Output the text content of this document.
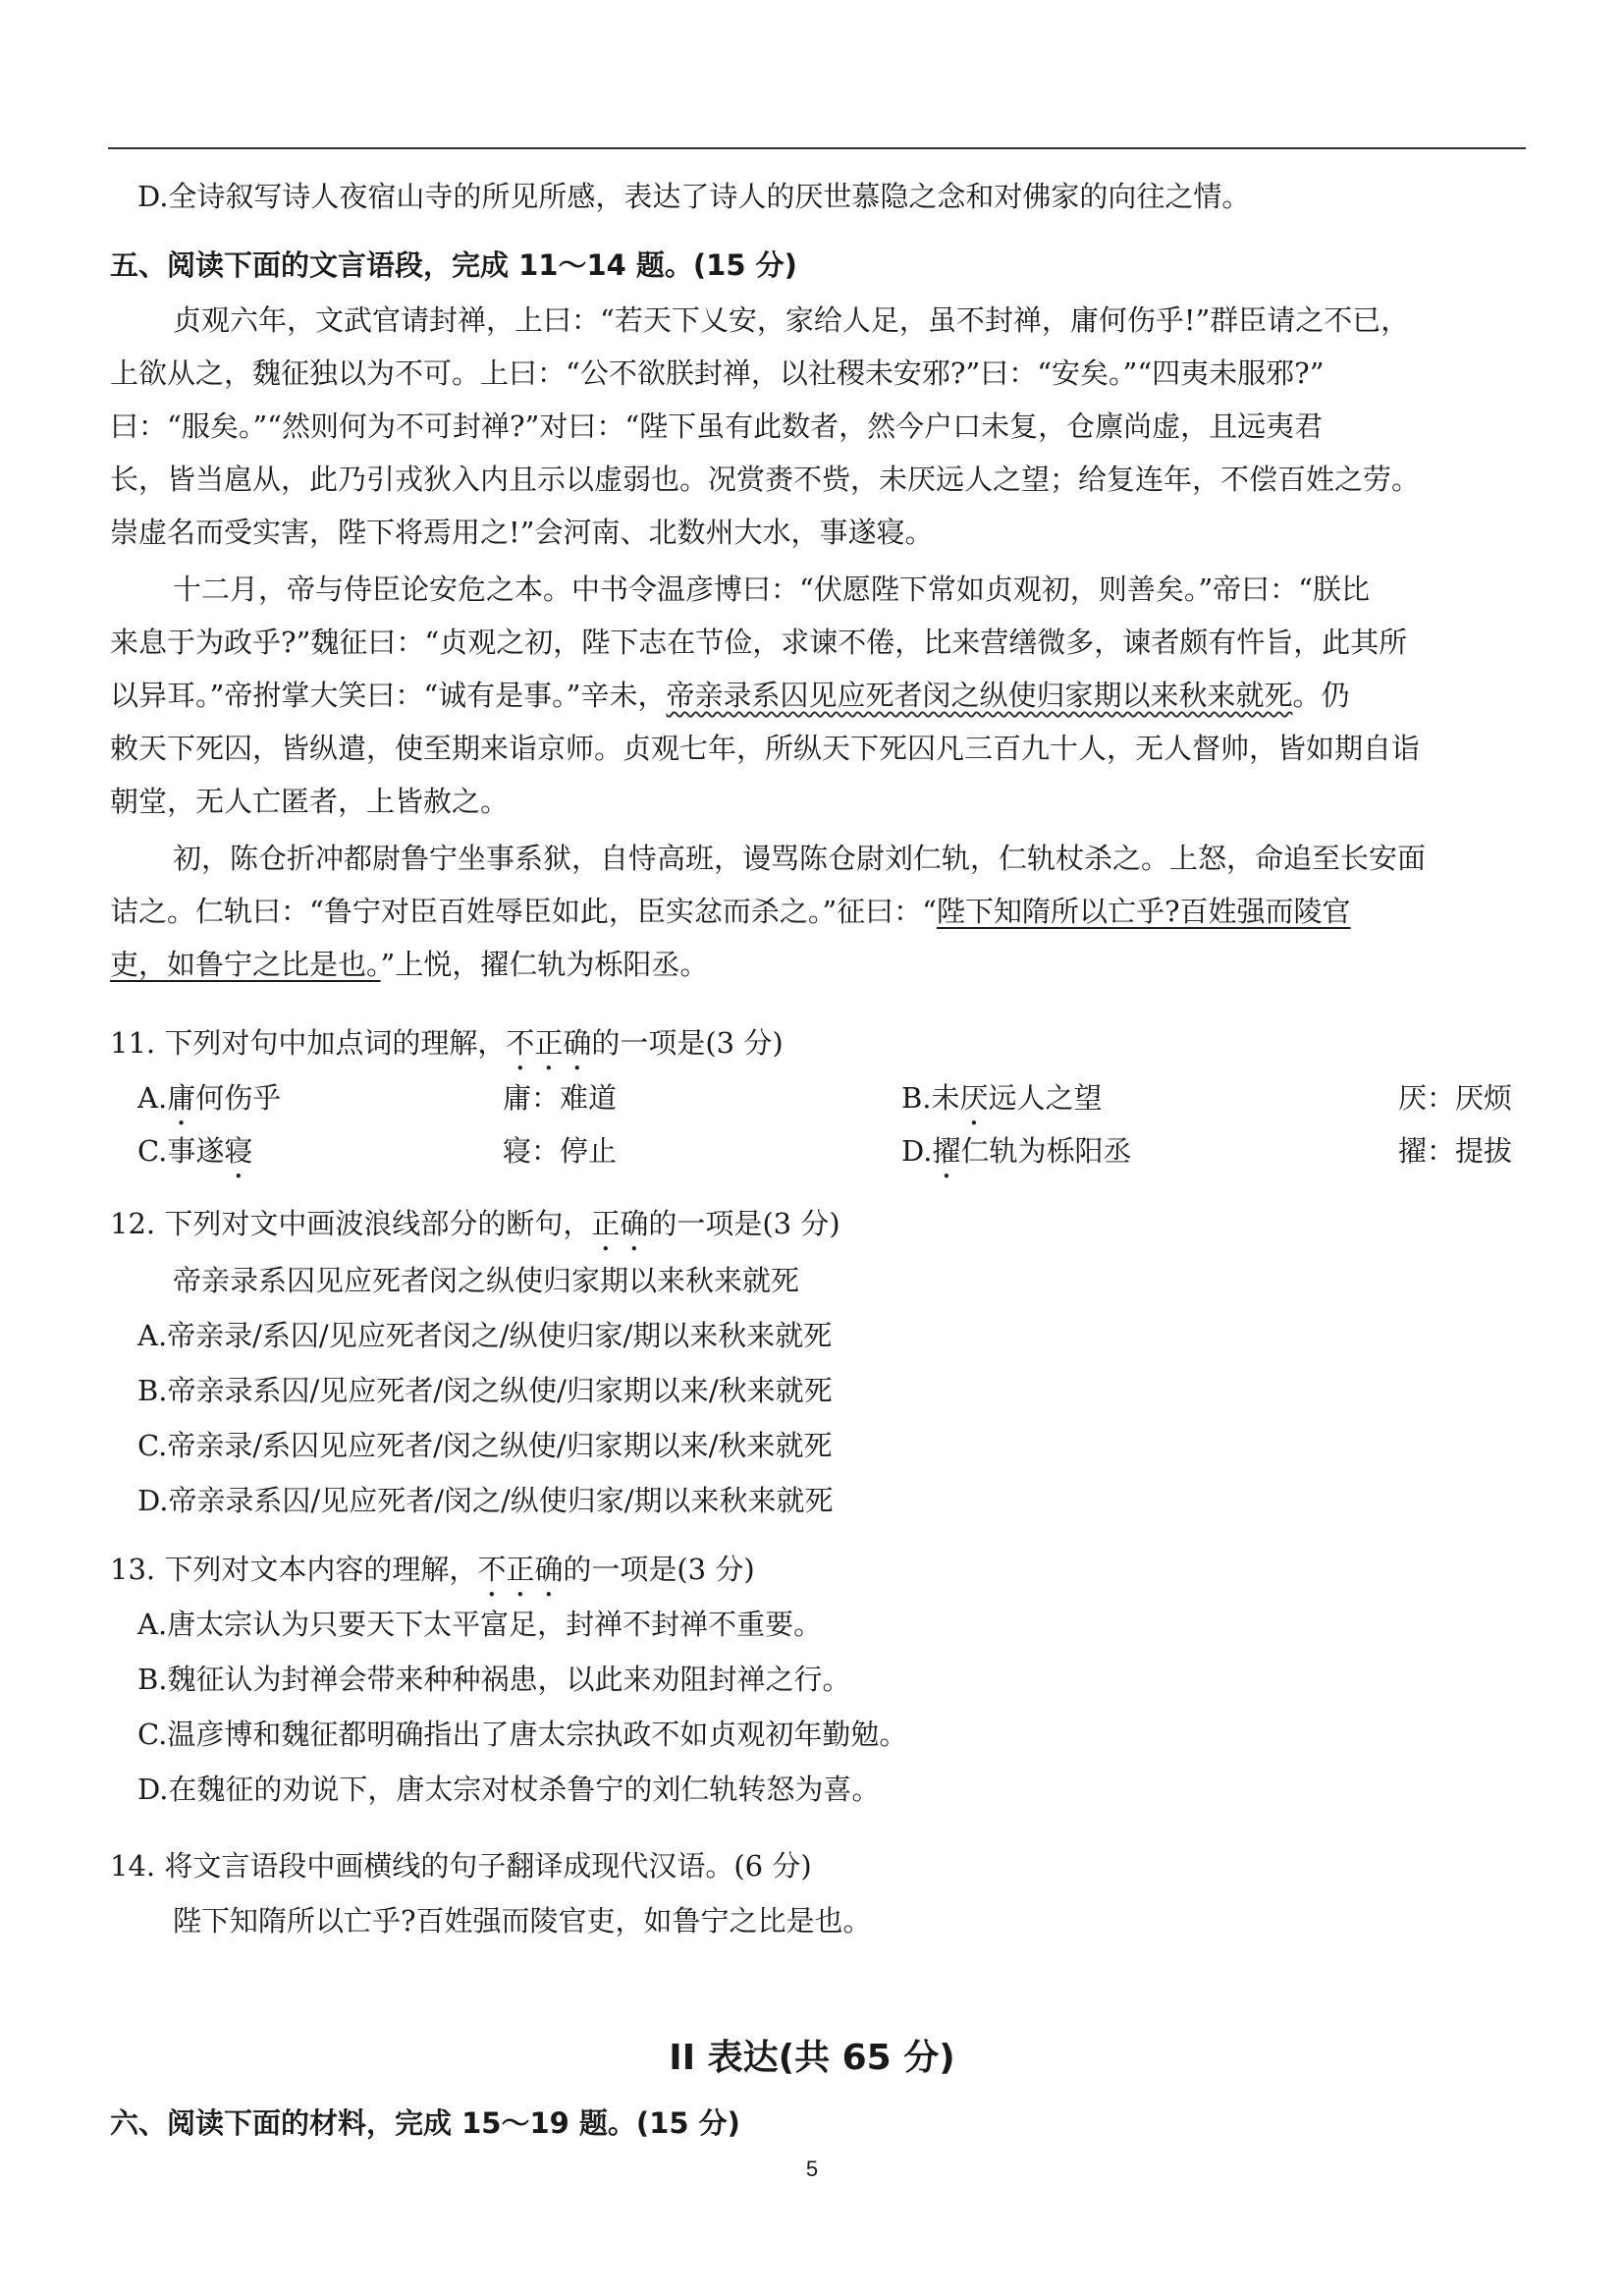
D.全诗叙写诗人夜宿山寺的所见所感，表达了诗人的厌世慕隐之念和对佛家的向往之情。
五、阅读下面的文言语段，完成 11～14 题。(15 分)
贞观六年，文武官请封禅，上曰：“若天下乂安，家给人足，虽不封禅，庸何伤乎!”群臣请之不已，
上欲从之，魏征独以为不可。上曰：“公不欲朕封禅，以社稷未安邪?”曰：“安矣。”“四夷未服邪?”
曰：“服矣。”“然则何为不可封禅?”对曰：“陛下虽有此数者，然今户口未复，仓廪尚虚，且远夷君
长，皆当扈从，此乃引戎狄入内且示以虚弱也。况赏赉不赀，未厌远人之望；给复连年，不偿百姓之劳。
崇虚名而受实害，陛下将焉用之!”会河南、北数州大水，事遂寝。
十二月，帝与侍臣论安危之本。中书令温彦博曰：“伏愿陛下常如贞观初，则善矣。”帝曰：“朕比
来息于为政乎?”魏征曰：“贞观之初，陛下志在节俭，求谏不倦，比来营缮微多，谏者颇有忤旨，此其所
以异耳。”帝拊掌大笑曰：“诚有是事。”辛未，帝亲录系囚见应死者闵之纵使归家期以来秋来就死。仍
敕天下死囚，皆纵遣，使至期来诣京师。贞观七年，所纵天下死囚凡三百九十人，无人督帅，皆如期自诣
朝堂，无人亡匿者，上皆赦之。
初，陈仓折冲都尉鲁宁坐事系狱，自恃高班，谩骂陈仓尉刘仁轨，仁轨杖杀之。上怒，命追至长安面
诘之。仁轨曰：“鲁宁对臣百姓辱臣如此，臣实忿而杀之。”征曰：“陛下知隋所以亡乎?百姓强而陵官
吏，如鲁宁之比是也。”上悦，擢仁轨为栎阳丞。
11. 下列对句中加点词的理解，不正确的一项是(3 分)
A.庸何伤乎	庸：难道	B.未厌远人之望	厌：厌烦
C.事遂寝	寝：停止	D.擢仁轨为栎阳丞	擢：提拔
12. 下列对文中画波浪线部分的断句，正确的一项是(3 分)
帝亲录系囚见应死者闵之纵使归家期以来秋来就死
A.帝亲录/系囚/见应死者闵之/纵使归家/期以来秋来就死
B.帝亲录系囚/见应死者/闵之纵使/归家期以来/秋来就死
C.帝亲录/系囚见应死者/闵之纵使/归家期以来/秋来就死
D.帝亲录系囚/见应死者/闵之/纵使归家/期以来秋来就死
13. 下列对文本内容的理解，不正确的一项是(3 分)
A.唐太宗认为只要天下太平富足，封禅不封禅不重要。
B.魏征认为封禅会带来种种祸患，以此来劝阻封禅之行。
C.温彦博和魏征都明确指出了唐太宗执政不如贞观初年勤勉。
D.在魏征的劝说下，唐太宗对杖杀鲁宁的刘仁轨转怒为喜。
14. 将文言语段中画横线的句子翻译成现代汉语。(6 分)
陛下知隋所以亡乎?百姓强而陵官吏，如鲁宁之比是也。
II 表达(共 65 分)
六、阅读下面的材料，完成 15～19 题。(15 分)
5
